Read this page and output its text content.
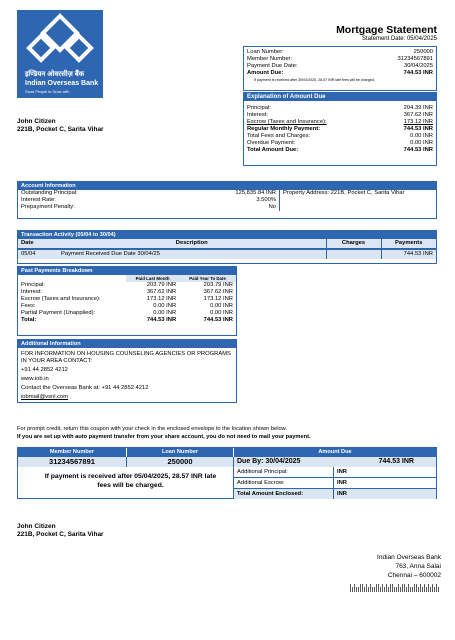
इण्डियन ओवरसीज़ बैंक
Indian Overseas Bank
Good People to Grow with
Mortgage Statement
Statement Date: 05/04/2025
Loan Number:	250000
Member Number:	31234567891
Payment Due Date:	30/04/2025
Amount Due:	744.53 INR
If payment is received after 30/04/2025, 28.57 INR late fees will be charged.
Explanation of Amount Due
Principal:	204.39 INR
Interest:	367.62 INR
Escrow (Taxes and Insurance):	173.12 INR
Regular Monthly Payment:	744.53 INR
Total Fees and Charges:	0.00 INR
Overdue Payment:	0.00 INR
Total Amount Due:	744.53 INR
John Citizen
221B, Pocket C, Sarita Vihar
Account Information
Outstanding Principal:	125,835.84 INR
Interest Rate:	3.500%
Prepayment Penalty:	No
Property Address: 221B, Pocket C, Sarita Vihar
Transaction Activity (05/04 to 30/04)
Date	Description	Charges	Payments
05/04	Payment Received Due Date 30/04/25		744.53 INR
Past Payments Breakdown
	Paid Last Month	Paid Year To Date
Principal:	203.79 INR	203.79 INR
Interest:	367.62 INR	367.62 INR
Escrow (Taxes and Insurance):	173.12 INR	173.12 INR
Fees:	0.00 INR	0.00 INR
Partial Payment (Unapplied):	0.00 INR	0.00 INR
Total:	744.53 INR	744.53 INR
Additional Information
FOR INFORMATION ON HOUSING COUNSELING AGENCIES OR PROGRAMS IN YOUR AREA CONTACT:
+91 44 2852 4212
www.iob.in
Contact the Overseas Bank at: +91 44 2852 4212
iobmail@vsnl.com
For prompt credit, return this coupon with your check in the enclosed envelope to the location shown below.
If you are set up with auto payment transfer from your share account, you do not need to mail your payment.
Member Number	Loan Number	Amount Due
31234567891	250000	Due By: 30/04/2025	744.53 INR
If payment is received after 05/04/2025, 28.57 INR late fees will be charged.
Additional Principal:	INR
Additional Escrow:	INR
Total Amount Enclosed:	INR
John Citizen
221B, Pocket C, Sarita Vihar
Indian Overseas Bank
763, Anna Salai
Chennai – 600002
